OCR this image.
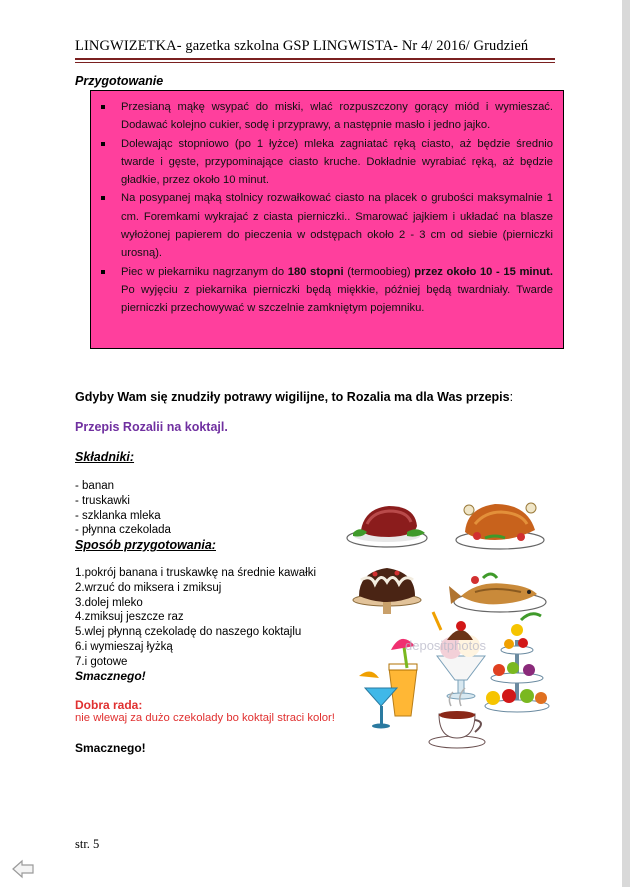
LINGWIZETKA- gazetka szkolna GSP LINGWISTA- Nr 4/ 2016/ Grudzień
Przygotowanie
Przesianą mąkę wsypać do miski, wlać rozpuszczony gorący miód i wymieszać. Dodawać kolejno cukier, sodę i przyprawy, a następnie masło i jedno jajko.
Dolewając stopniowo (po 1 łyżce) mleka zagniatać ręką ciasto, aż będzie średnio twarde i gęste, przypominające ciasto kruche. Dokładnie wyrabiać ręką, aż będzie gładkie, przez około 10 minut.
Na posypanej mąką stolnicy rozwałkować ciasto na placek o grubości maksymalnie 1 cm. Foremkami wykrajać z ciasta pierniczki.. Smarować jajkiem i układać na blasze wyłożonej papierem do pieczenia w odstępach około 2 - 3 cm od siebie (pierniczki urosną).
Piec w piekarniku nagrzanym do 180 stopni (termoobieg) przez około 10 - 15 minut. Po wyjęciu z piekarnika pierniczki będą miękkie, później będą twardniały. Twarde pierniczki przechowywać w szczelnie zamkniętym pojemniku.
Gdyby Wam się znudziły potrawy wigilijne, to Rozalia ma dla Was przepis:
Przepis Rozalii na koktajl.
Składniki:
- banan
- truskawki
- szklanka mleka
- płynna czekolada
Sposób przygotowania:
1.pokrój banana i truskawkę na średnie kawałki
2.wrzuć do miksera i zmiksuj
3.dolej mleko
4.zmiksuj jeszcze raz
5.wlej płynną czekoladę do naszego koktajlu
6.i wymieszaj łyżką
7.i gotowe
Smacznego!
Dobra rada:
nie wlewaj za dużo czekolady bo koktajl straci kolor!
Smacznego!
depositphotos
str. 5
